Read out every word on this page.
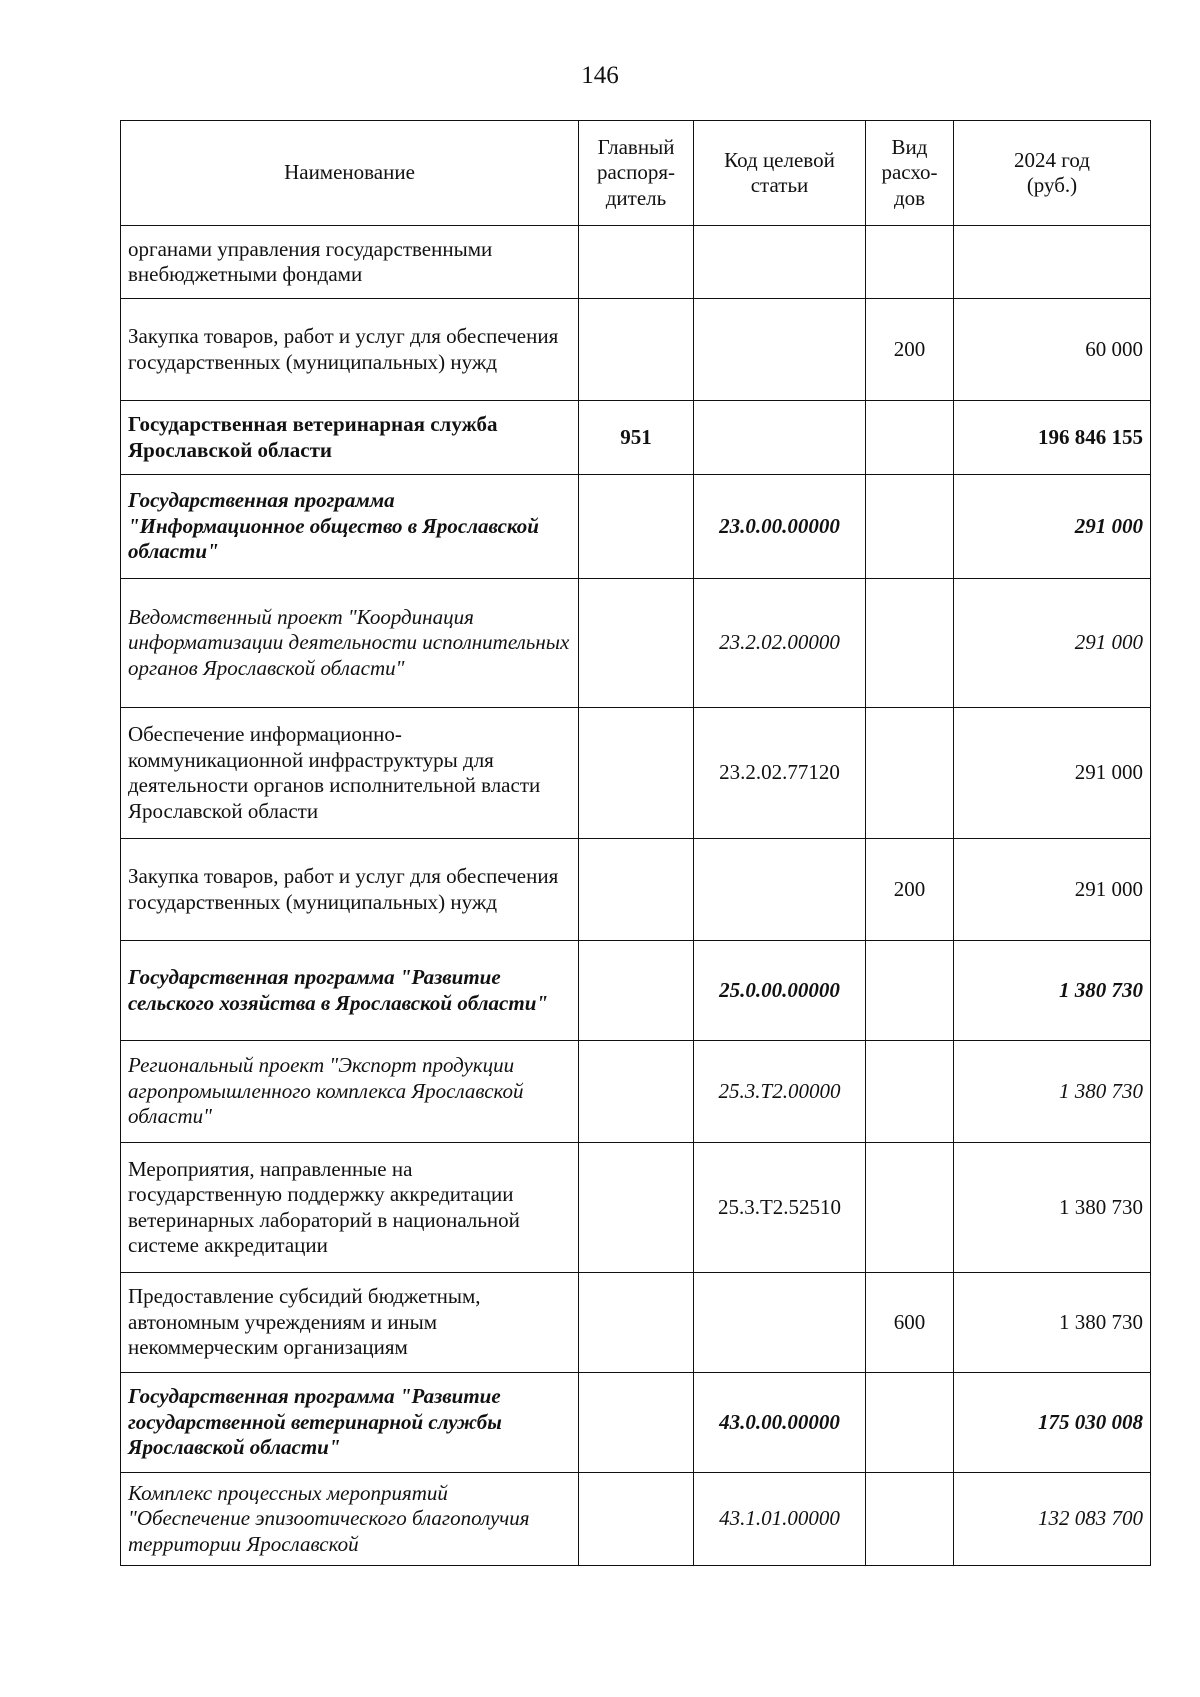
146
Наименование	Главный распоря-дитель	Код целевой статьи	Вид расхо-дов	2024 год (руб.)
органами управления государственными внебюджетными фондами				
Закупка товаров, работ и услуг для обеспечения государственных (муниципальных) нужд			200	60 000
Государственная ветеринарная служба Ярославской области	951			196 846 155
Государственная программа "Информационное общество в Ярославской области"		23.0.00.00000		291 000
Ведомственный проект "Координация информатизации деятельности исполнительных органов Ярославской области"		23.2.02.00000		291 000
Обеспечение информационно-коммуникационной инфраструктуры для деятельности органов исполнительной власти Ярославской области		23.2.02.77120		291 000
Закупка товаров, работ и услуг для обеспечения государственных (муниципальных) нужд			200	291 000
Государственная программа "Развитие сельского хозяйства в Ярославской области"		25.0.00.00000		1 380 730
Региональный проект "Экспорт продукции агропромышленного комплекса Ярославской области"		25.3.Т2.00000		1 380 730
Мероприятия, направленные на государственную поддержку аккредитации ветеринарных лабораторий в национальной системе аккредитации		25.3.Т2.52510		1 380 730
Предоставление субсидий бюджетным, автономным учреждениям и иным некоммерческим организациям			600	1 380 730
Государственная программа "Развитие государственной ветеринарной службы Ярославской области"		43.0.00.00000		175 030 008
Комплекс процессных мероприятий "Обеспечение эпизоотического благополучия территории Ярославской		43.1.01.00000		132 083 700
